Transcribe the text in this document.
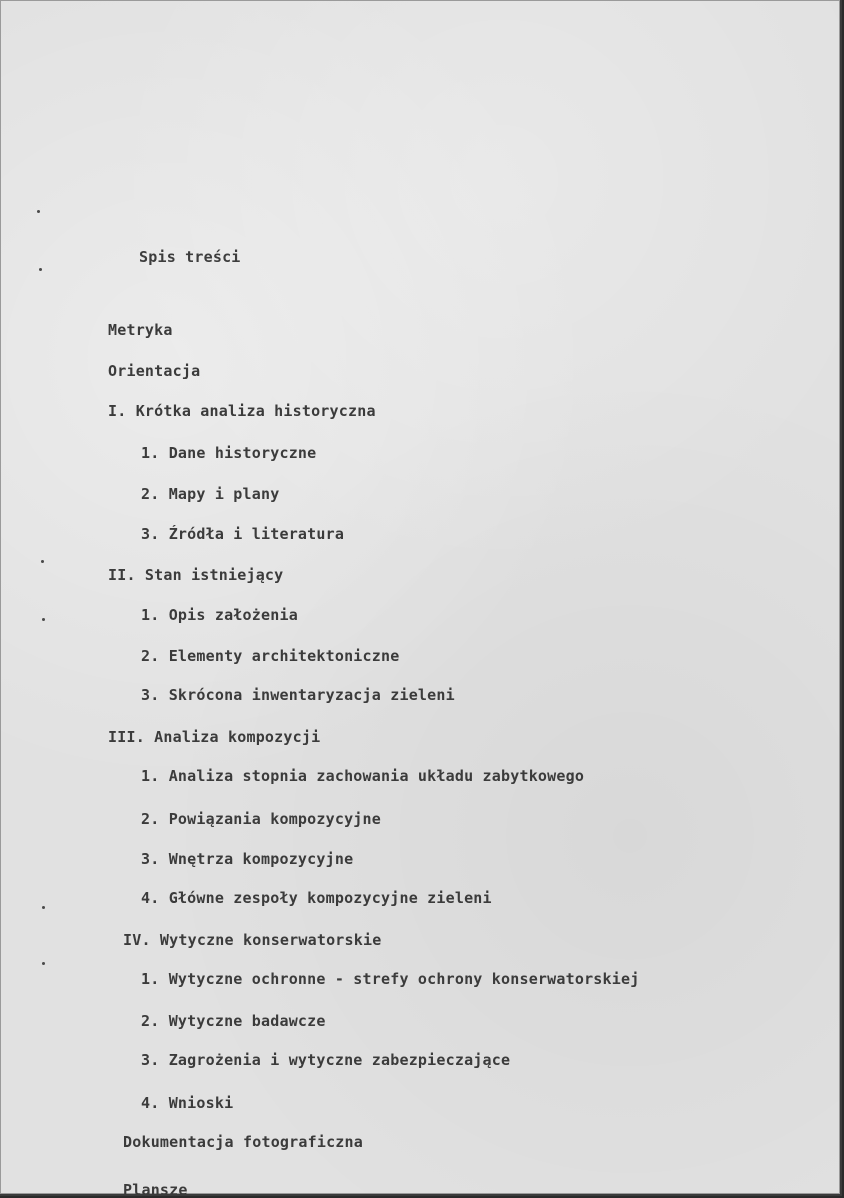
Spis treści
Metryka
Orientacja
I. Krótka analiza historyczna
1. Dane historyczne
2. Mapy i plany
3. Źródła i literatura
II. Stan istniejący
1. Opis założenia
2. Elementy architektoniczne
3. Skrócona inwentaryzacja zieleni
III. Analiza kompozycji
1. Analiza stopnia zachowania układu zabytkowego
2. Powiązania kompozycyjne
3. Wnętrza kompozycyjne
4. Główne zespoły kompozycyjne zieleni
IV. Wytyczne konserwatorskie
1. Wytyczne ochronne - strefy ochrony konserwatorskiej
2. Wytyczne badawcze
3. Zagrożenia i wytyczne zabezpieczające
4. Wnioski
Dokumentacja fotograficzna
Plansze
